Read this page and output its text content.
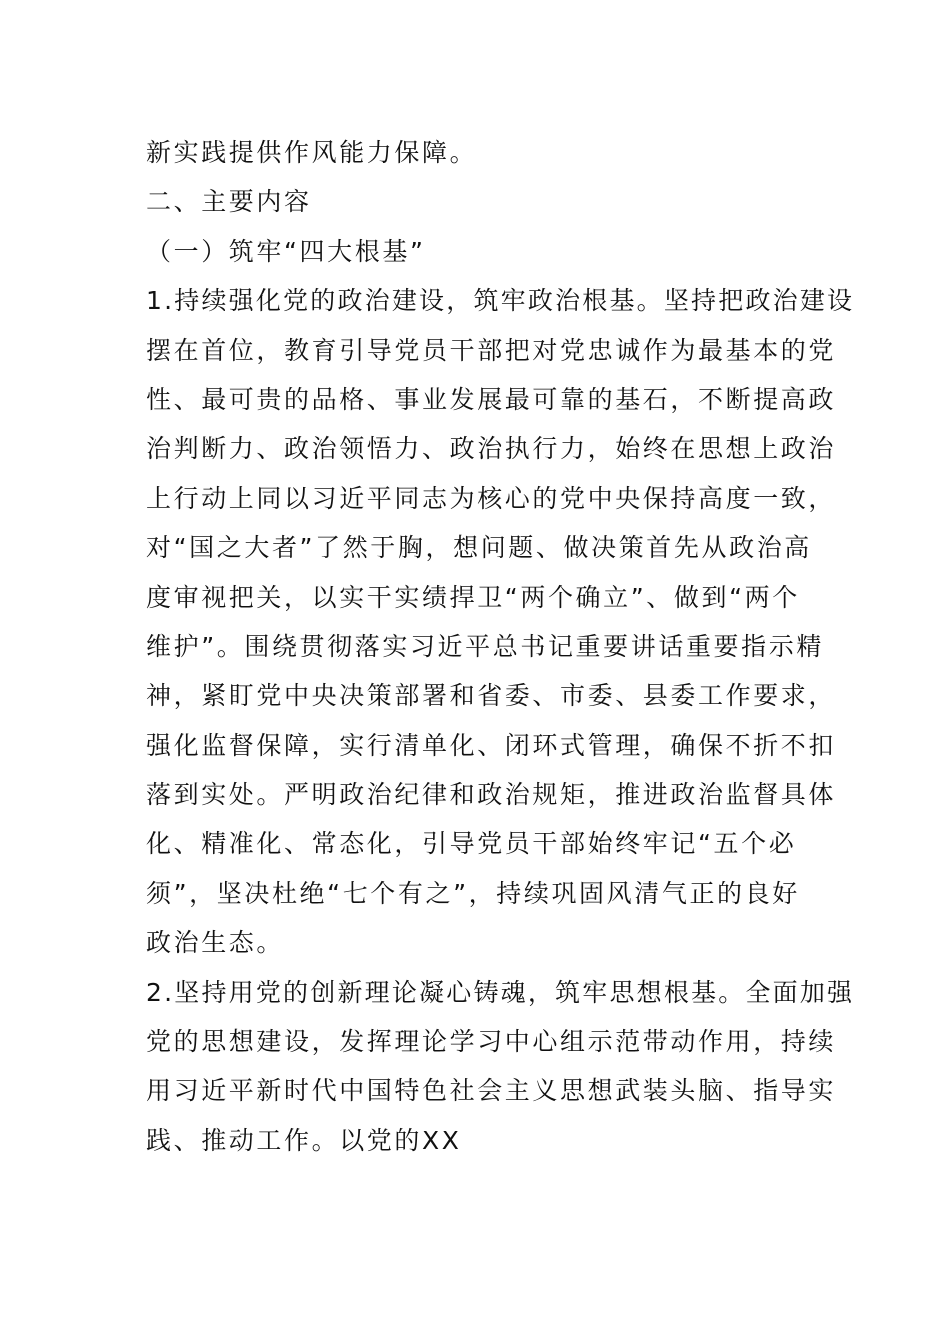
新实践提供作风能力保障。
二、主要内容
（一）筑牢“四大根基”
1.持续强化党的政治建设，筑牢政治根基。坚持把政治建设
摆在首位，教育引导党员干部把对党忠诚作为最基本的党
性、最可贵的品格、事业发展最可靠的基石，不断提高政
治判断力、政治领悟力、政治执行力，始终在思想上政治
上行动上同以习近平同志为核心的党中央保持高度一致，
对“国之大者”了然于胸，想问题、做决策首先从政治高
度审视把关，以实干实绩捍卫“两个确立”、做到“两个
维护”。围绕贯彻落实习近平总书记重要讲话重要指示精
神，紧盯党中央决策部署和省委、市委、县委工作要求，
强化监督保障，实行清单化、闭环式管理，确保不折不扣
落到实处。严明政治纪律和政治规矩，推进政治监督具体
化、精准化、常态化，引导党员干部始终牢记“五个必
须”，坚决杜绝“七个有之”，持续巩固风清气正的良好
政治生态。
2.坚持用党的创新理论凝心铸魂，筑牢思想根基。全面加强
党的思想建设，发挥理论学习中心组示范带动作用，持续
用习近平新时代中国特色社会主义思想武装头脑、指导实
践、推动工作。以党的XX
